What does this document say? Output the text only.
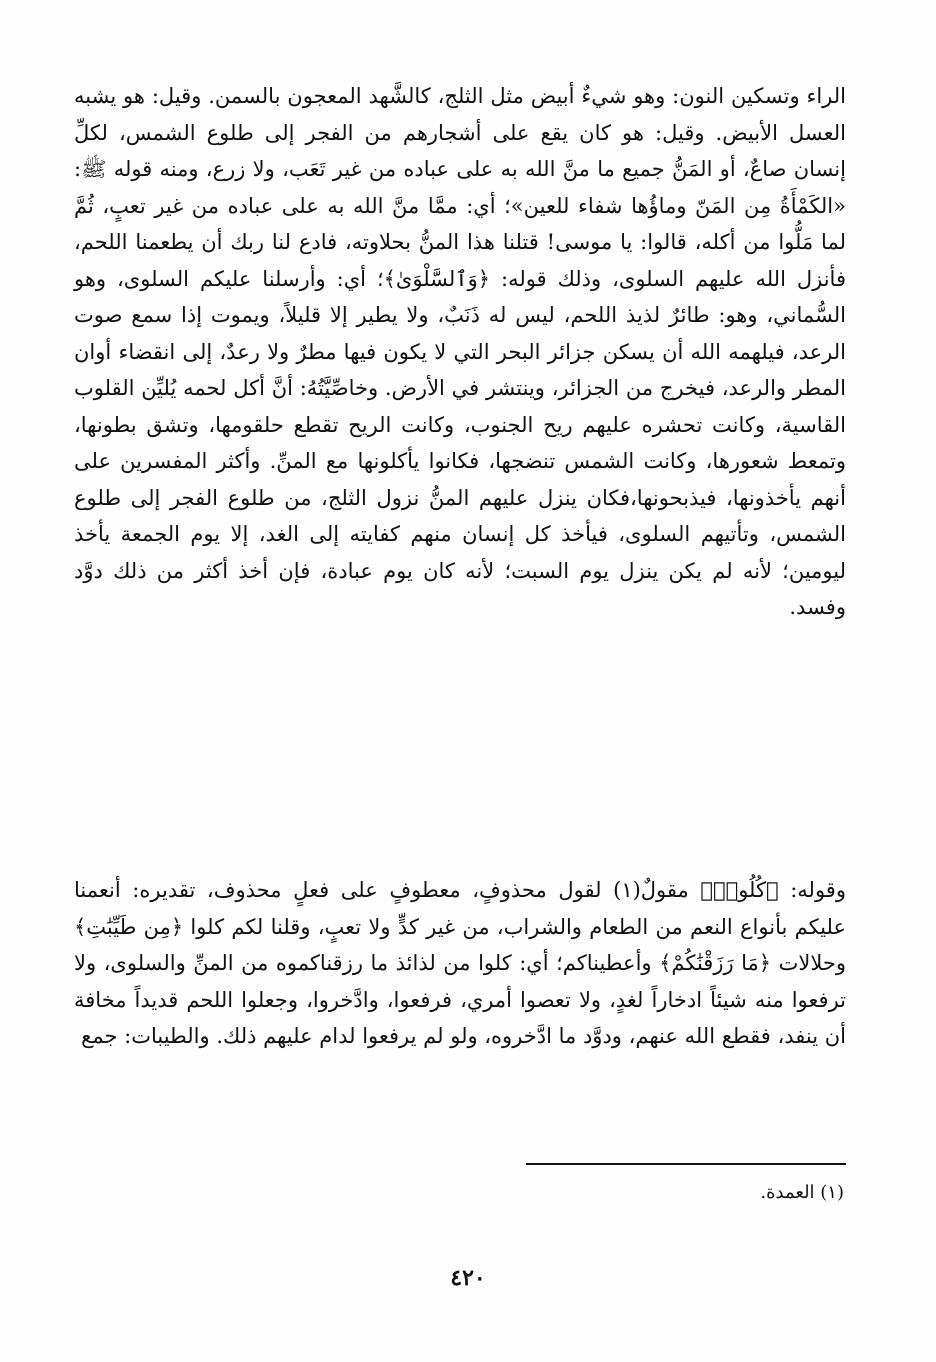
الراء وتسكين النون: وهو شيءٌ أبيض مثل الثلج، كالشَّهد المعجون بالسمن. وقيل: هو يشبه العسل الأبيض. وقيل: هو كان يقع على أشجارهم من الفجر إلى طلوع الشمس، لكلِّ إنسان صاعٌ، أو المَنُّ جميع ما منَّ الله به على عباده من غير تَعَب، ولا زرع، ومنه قوله ﷺ: «الكَمْأَةُ مِن المَنّ وماؤُها شفاء للعين»؛ أي: ممَّا منَّ الله به على عباده من غير تعبٍ، ثُمَّ لما مَلُّوا من أكله، قالوا: يا موسى! قتلنا هذا المنُّ بحلاوته، فادع لنا ربك أن يطعمنا اللحم، فأنزل الله عليهم السلوى، وذلك قوله: ﴿وَٱلسَّلْوَىٰ﴾؛ أي: وأرسلنا عليكم السلوى، وهو السُّماني، وهو: طائرٌ لذيذ اللحم، ليس له ذَنَبٌ، ولا يطير إلا قليلاً، ويموت إذا سمع صوت الرعد، فيلهمه الله أن يسكن جزائر البحر التي لا يكون فيها مطرٌ ولا رعدٌ، إلى انقضاء أوان المطر والرعد، فيخرج من الجزائر، وينتشر في الأرض. وخاصِّيَّتُهُ: أنَّ أكل لحمه يُليِّن القلوب القاسية، وكانت تحشره عليهم ريح الجنوب، وكانت الريح تقطع حلقومها، وتشق بطونها، وتمعط شعورها، وكانت الشمس تنضجها، فكانوا يأكلونها مع المنِّ. وأكثر المفسرين على أنهم يأخذونها، فيذبحونها،فكان ينزل عليهم المنُّ نزول الثلج، من طلوع الفجر إلى طلوع الشمس، وتأتيهم السلوى، فيأخذ كل إنسان منهم كفايته إلى الغد، إلا يوم الجمعة يأخذ ليومين؛ لأنه لم يكن ينزل يوم السبت؛ لأنه كان يوم عبادة، فإن أخذ أكثر من ذلك دوَّد وفسد.

وقوله: ﴿كُلُوا۟﴾ مقولٌ(١) لقول محذوفٍ، معطوفٍ على فعلٍ محذوف، تقديره: أنعمنا عليكم بأنواع النعم من الطعام والشراب، من غير كدٍّ ولا تعبٍ، وقلنا لكم كلوا ﴿مِن طَيِّبَٰتِ﴾ وحلالات ﴿مَا رَزَقْنَٰكُمْ﴾ وأعطيناكم؛ أي: كلوا من لذائذ ما رزقناكموه من المنِّ والسلوى، ولا ترفعوا منه شيئاً ادخاراً لغدٍ، ولا تعصوا أمري، فرفعوا، وادَّخروا، وجعلوا اللحم قديداً مخافة أن ينفد، فقطع الله عنهم، ودوَّد ما ادَّخروه، ولو لم يرفعوا لدام عليهم ذلك. والطيبات: جمع

(١) العمدة.
٤٢٠
